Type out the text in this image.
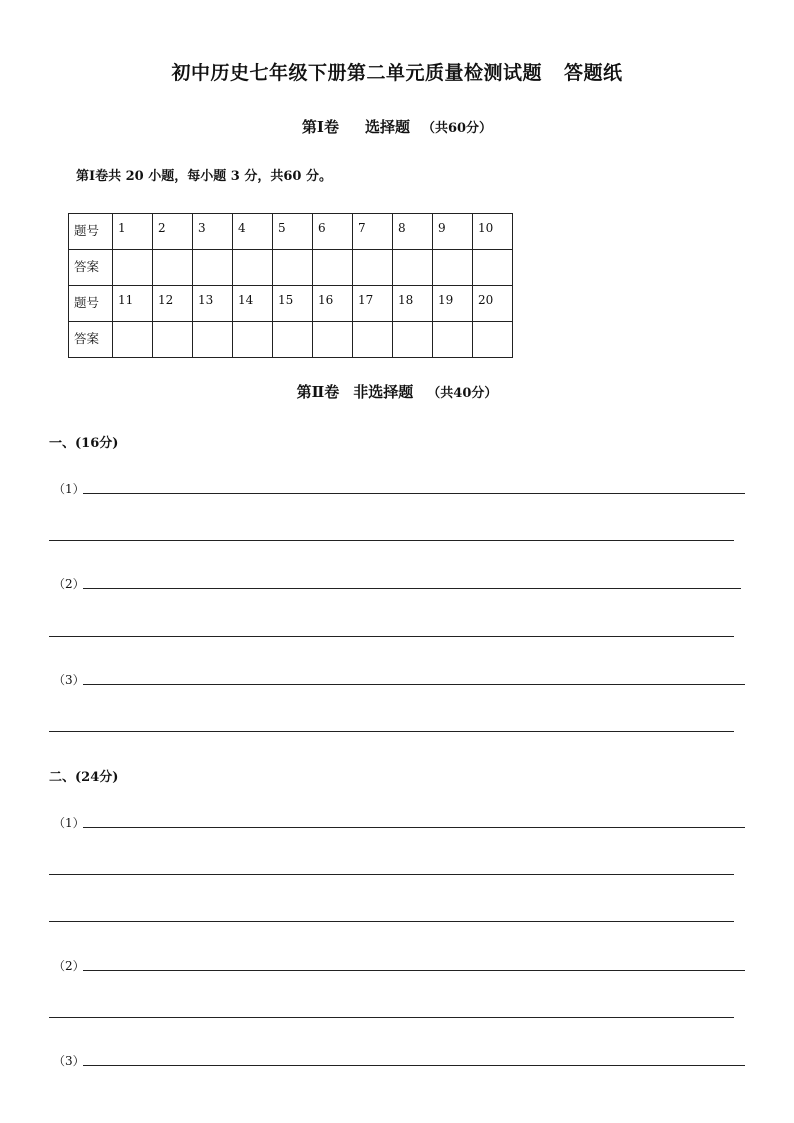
初中历史七年级下册第二单元质量检测试题 答题纸
第Ⅰ卷 选择题 （共60分）
第Ⅰ卷共 20 小题，每小题 3 分，共60 分。
题号	1	2	3	4	5	6	7	8	9	10
答案										
题号	11	12	13	14	15	16	17	18	19	20
答案										
第Ⅱ卷 非选择题 （共40分）
一、(16分)
（1）
（2）
（3）
二、(24分)
（1）
（2）
（3）
